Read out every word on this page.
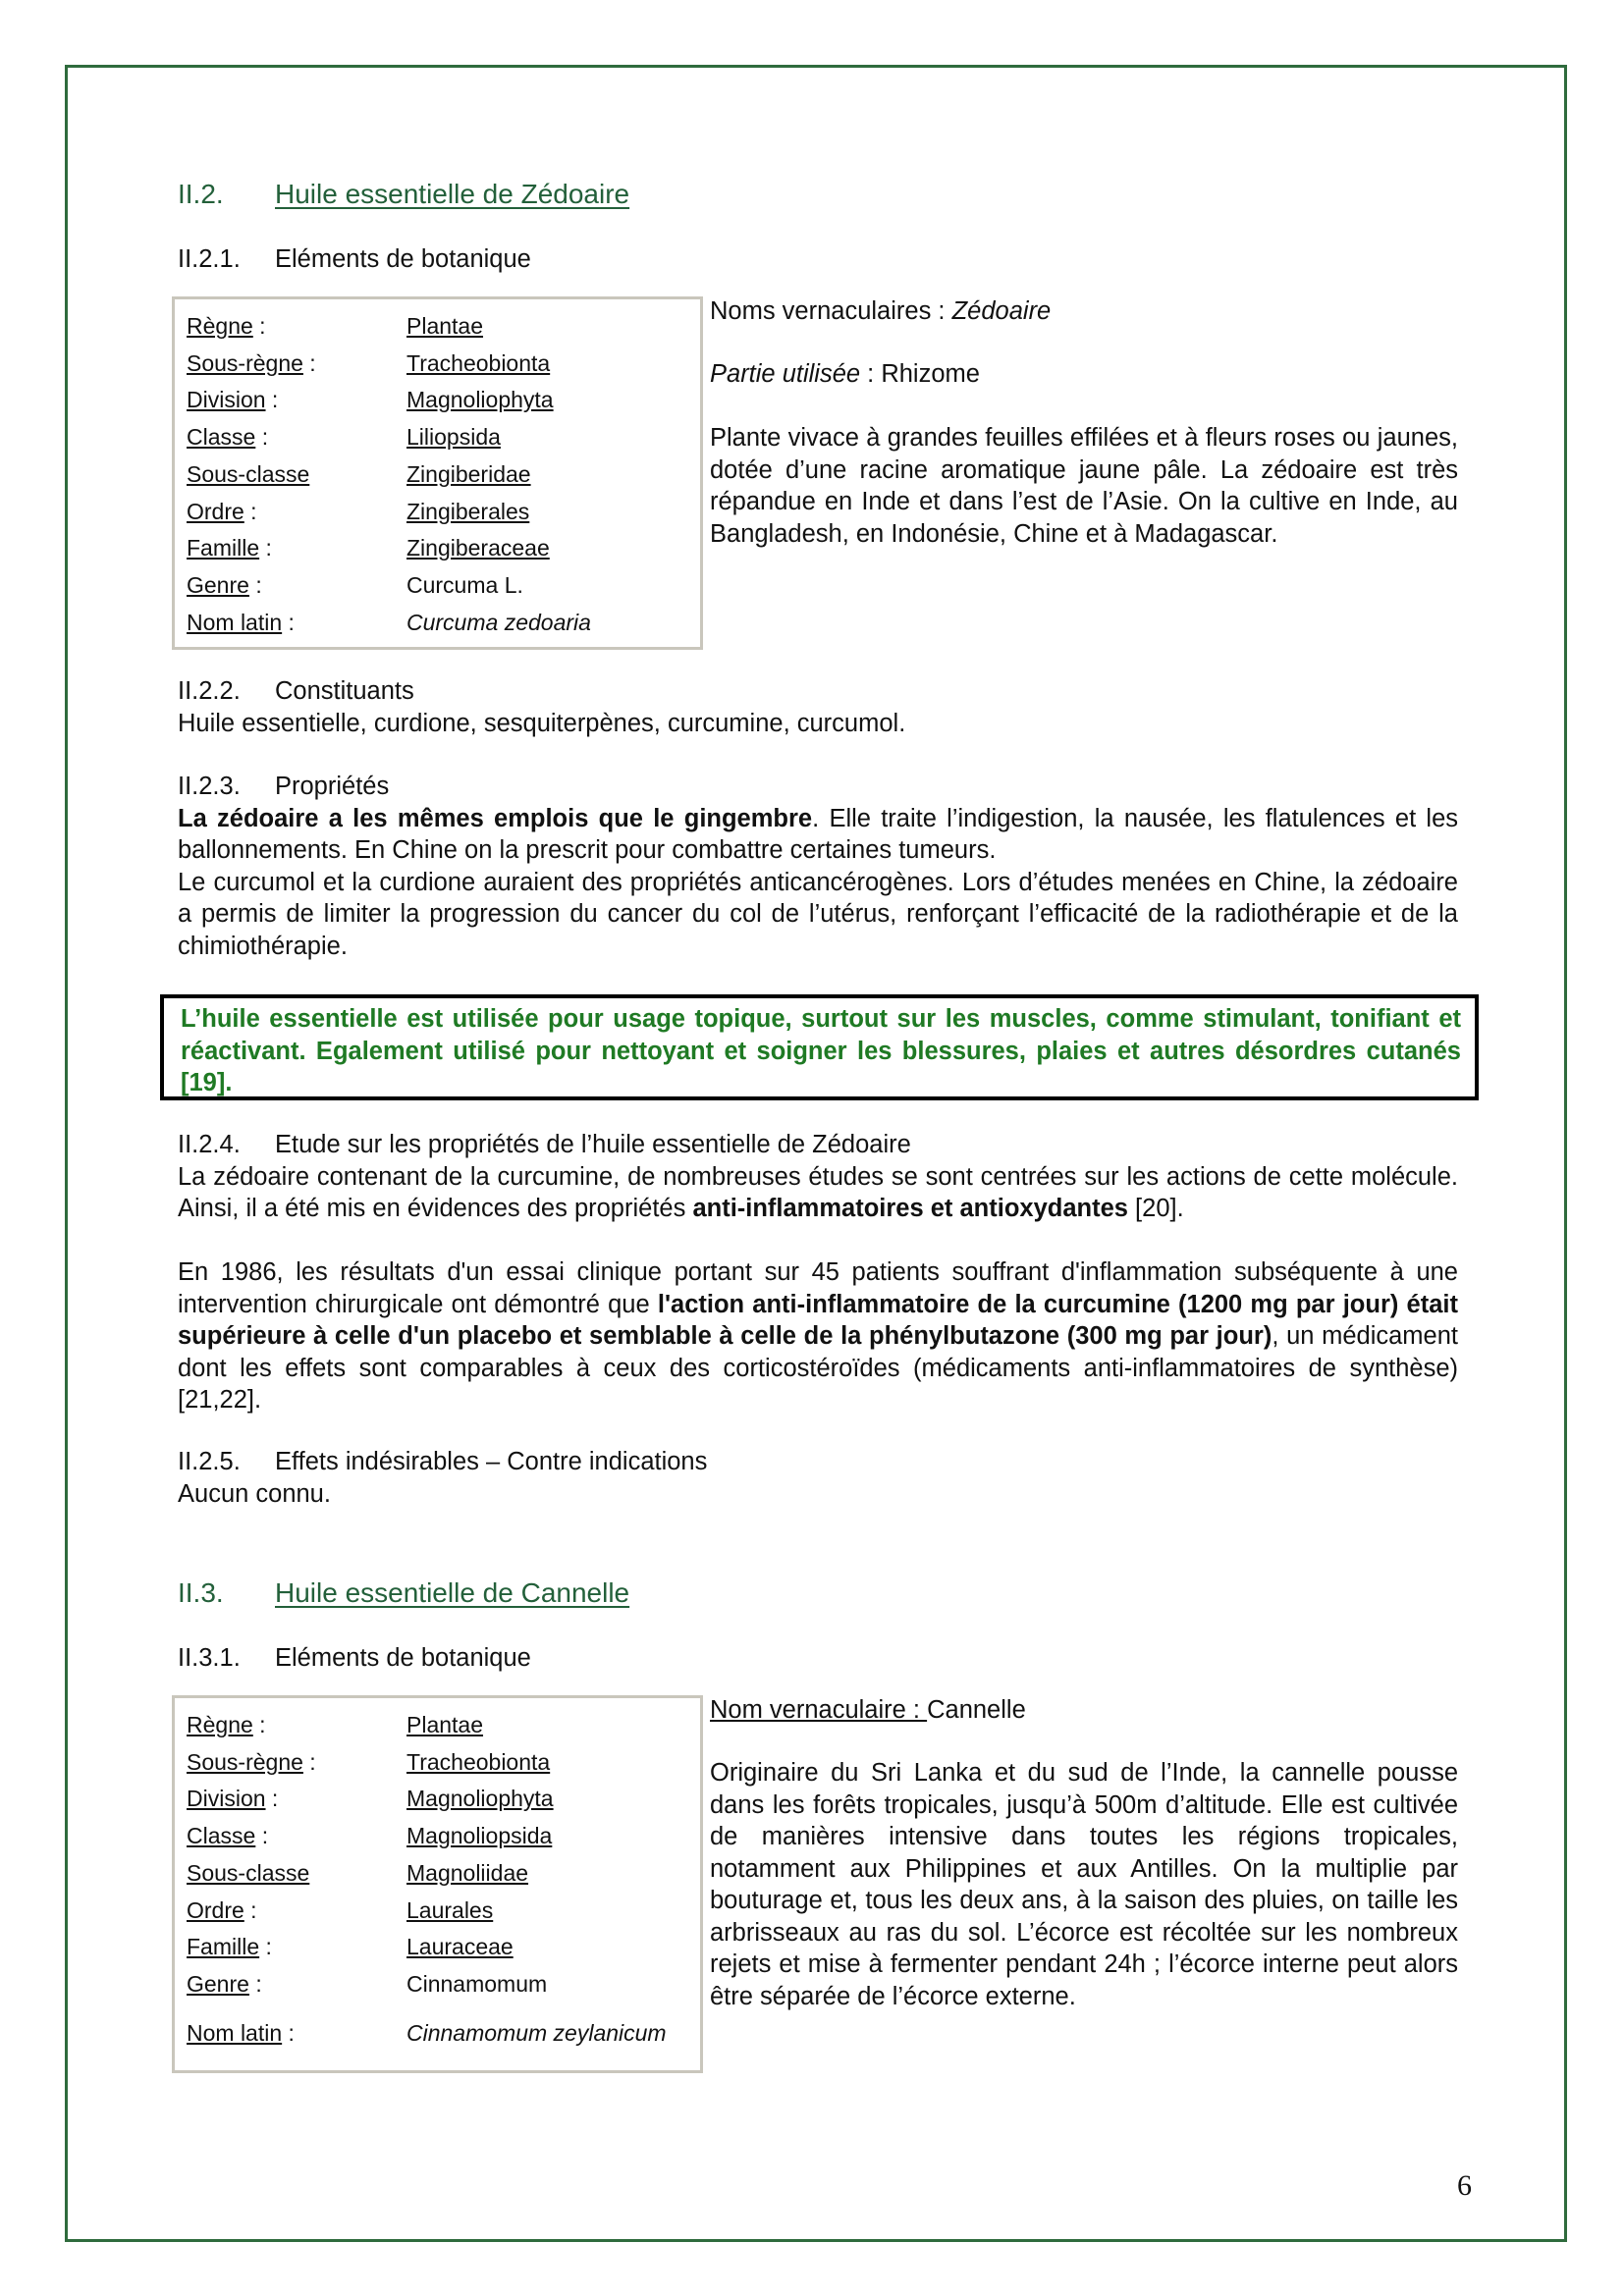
II.2. Huile essentielle de Zédoaire
II.2.1. Eléments de botanique
Règne :	Plantae
Sous-règne :	Tracheobionta
Division :	Magnoliophyta
Classe :	Liliopsida
Sous-classe	Zingiberidae
Ordre :	Zingiberales
Famille :	Zingiberaceae
Genre :	Curcuma L.
Nom latin :	Curcuma zedoaria
Noms vernaculaires : Zédoaire
Partie utilisée : Rhizome

Plante vivace à grandes feuilles effilées et à fleurs roses ou jaunes, dotée d’une racine aromatique jaune pâle. La zédoaire est très répandue en Inde et dans l’est de l’Asie. On la cultive en Inde, au Bangladesh, en Indonésie, Chine et à Madagascar.

II.2.2. Constituants

Huile essentielle, curdione, sesquiterpènes, curcumine, curcumol.

II.2.3. Propriétés

La zédoaire a les mêmes emplois que le gingembre. Elle traite l’indigestion, la nausée, les flatulences et les ballonnements. En Chine on la prescrit pour combattre certaines tumeurs.

Le curcumol et la curdione auraient des propriétés anticancérogènes. Lors d’études menées en Chine, la zédoaire a permis de limiter la progression du cancer du col de l’utérus, renforçant l’efficacité de la radiothérapie et de la chimiothérapie.

L’huile essentielle est utilisée pour usage topique, surtout sur les muscles, comme stimulant, tonifiant et réactivant. Egalement utilisé pour nettoyant et soigner les blessures, plaies et autres désordres cutanés [19].

II.2.4. Etude sur les propriétés de l’huile essentielle de Zédoaire

La zédoaire contenant de la curcumine, de nombreuses études se sont centrées sur les actions de cette molécule. Ainsi, il a été mis en évidences des propriétés anti-inflammatoires et antioxydantes [20].

En 1986, les résultats d'un essai clinique portant sur 45 patients souffrant d'inflammation subséquente à une intervention chirurgicale ont démontré que l'action anti-inflammatoire de la curcumine (1200 mg par jour) était supérieure à celle d'un placebo et semblable à celle de la phénylbutazone (300 mg par jour), un médicament dont les effets sont comparables à ceux des corticostéroïdes (médicaments anti-inflammatoires de synthèse) [21,22].

II.2.5. Effets indésirables – Contre indications

Aucun connu.

II.3. Huile essentielle de Cannelle
II.3.1. Eléments de botanique
Règne :	Plantae
Sous-règne :	Tracheobionta
Division :	Magnoliophyta
Classe :	Magnoliopsida
Sous-classe	Magnoliidae
Ordre :	Laurales
Famille :	Lauraceae
Genre :	Cinnamomum
Nom latin :	Cinnamomum zeylanicum
Nom vernaculaire : Cannelle

Originaire du Sri Lanka et du sud de l’Inde, la cannelle pousse dans les forêts tropicales, jusqu’à 500m d’altitude. Elle est cultivée de manières intensive dans toutes les régions tropicales, notamment aux Philippines et aux Antilles. On la multiplie par bouturage et, tous les deux ans, à la saison des pluies, on taille les arbrisseaux au ras du sol. L’écorce est récoltée sur les nombreux rejets et mise à fermenter pendant 24h ; l’écorce interne peut alors être séparée de l’écorce externe.

6
